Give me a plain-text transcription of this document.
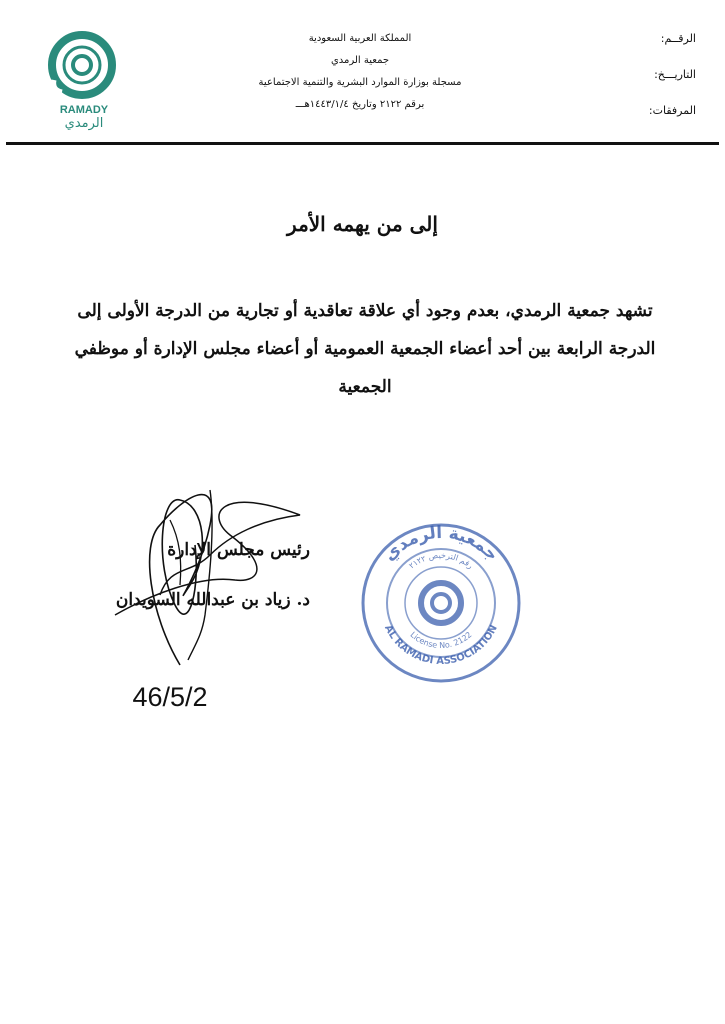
الرقــم:
التاريـــخ:
المرفقات:
المملكة العربية السعودية
جمعية الرمدي
مسجلة بوزارة الموارد البشرية والتنمية الاجتماعية
برقم ٢١٢٢ وتاريخ ١٤٤٣/١/٤هـــ
RAMADY
الرمدي
إلى من يهمه الأمر
تشهد جمعية الرمدي، بعدم وجود أي علاقة تعاقدية أو تجارية من الدرجة الأولى إلى الدرجة الرابعة بين أحد أعضاء الجمعية العمومية أو أعضاء مجلس الإدارة أو موظفي الجمعية
رئيس مجلس الإدارة
د. زياد بن عبدالله السويدان
46/5/2
جمعية الرمدي
رقم الترخيص ٢١٢٢
License No. 2122
AL RAMADI ASSOCIATION
